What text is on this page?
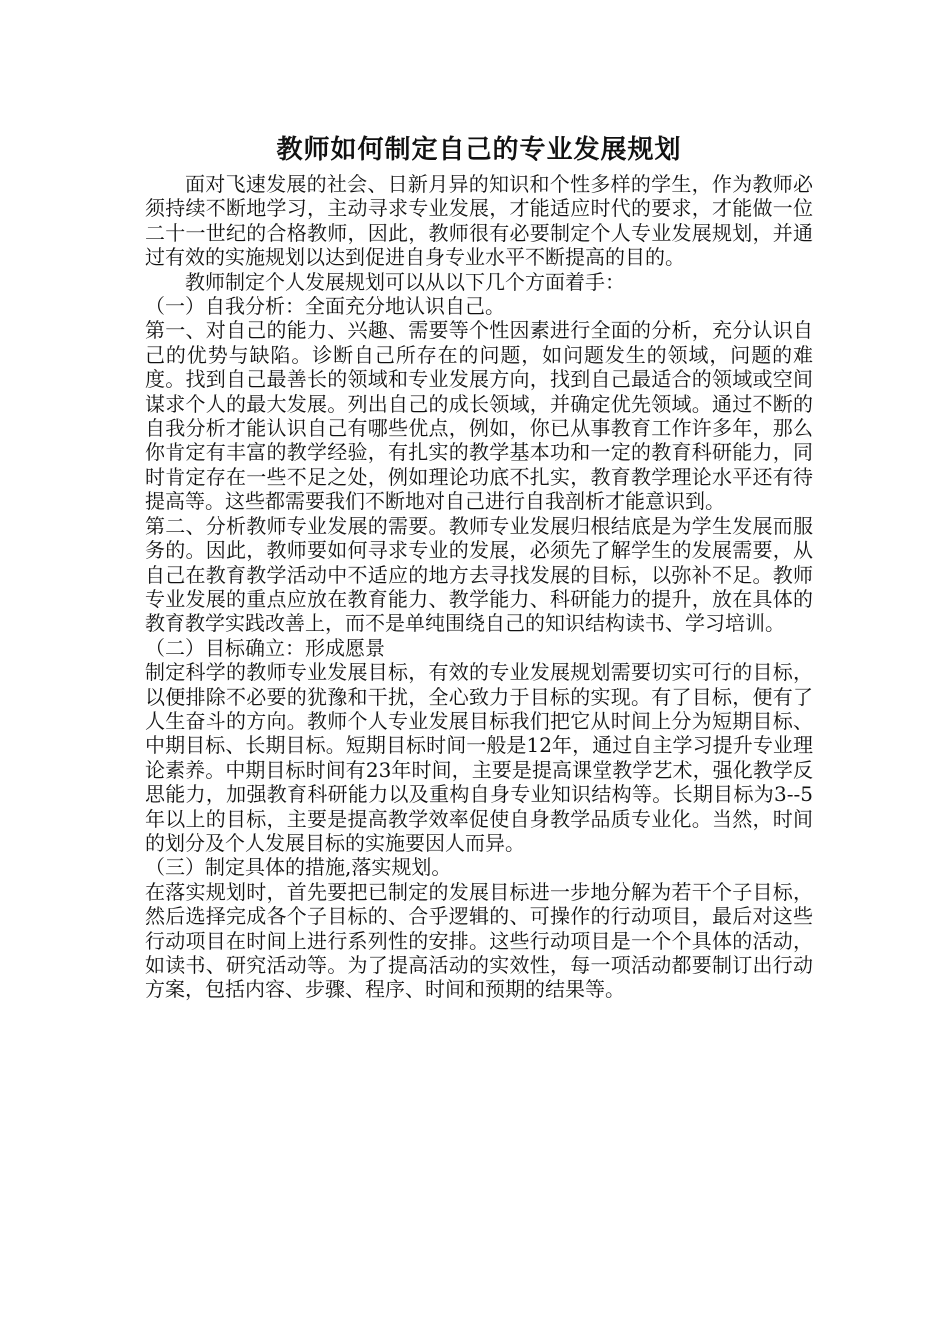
教师如何制定自己的专业发展规划

面对飞速发展的社会、日新月异的知识和个性多样的学生，作为教师必须持续不断地学习，主动寻求专业发展，才能适应时代的要求，才能做一位二十一世纪的合格教师，因此，教师很有必要制定个人专业发展规划，并通过有效的实施规划以达到促进自身专业水平不断提高的目的。

教师制定个人发展规划可以从以下几个方面着手：

（一）自我分析：全面充分地认识自己。

第一、对自己的能力、兴趣、需要等个性因素进行全面的分析，充分认识自己的优势与缺陷。诊断自己所存在的问题，如问题发生的领域，问题的难度。找到自己最善长的领域和专业发展方向，找到自己最适合的领域或空间谋求个人的最大发展。列出自己的成长领域，并确定优先领域。通过不断的自我分析才能认识自己有哪些优点，例如，你已从事教育工作许多年，那么你肯定有丰富的教学经验，有扎实的教学基本功和一定的教育科研能力，同时肯定存在一些不足之处，例如理论功底不扎实，教育教学理论水平还有待提高等。这些都需要我们不断地对自己进行自我剖析才能意识到。

第二、分析教师专业发展的需要。教师专业发展归根结底是为学生发展而服务的。因此，教师要如何寻求专业的发展，必须先了解学生的发展需要，从自己在教育教学活动中不适应的地方去寻找发展的目标，以弥补不足。教师专业发展的重点应放在教育能力、教学能力、科研能力的提升，放在具体的教育教学实践改善上，而不是单纯围绕自己的知识结构读书、学习培训。

（二）目标确立：形成愿景

制定科学的教师专业发展目标，有效的专业发展规划需要切实可行的目标，以便排除不必要的犹豫和干扰，全心致力于目标的实现。有了目标，便有了人生奋斗的方向。教师个人专业发展目标我们把它从时间上分为短期目标、中期目标、长期目标。短期目标时间一般是12年，通过自主学习提升专业理论素养。中期目标时间有23年时间，主要是提高课堂教学艺术，强化教学反思能力，加强教育科研能力以及重构自身专业知识结构等。长期目标为3--5年以上的目标，主要是提高教学效率促使自身教学品质专业化。当然，时间的划分及个人发展目标的实施要因人而异。

（三）制定具体的措施,落实规划。

在落实规划时，首先要把已制定的发展目标进一步地分解为若干个子目标，然后选择完成各个子目标的、合乎逻辑的、可操作的行动项目，最后对这些行动项目在时间上进行系列性的安排。这些行动项目是一个个具体的活动，如读书、研究活动等。为了提高活动的实效性，每一项活动都要制订出行动方案，包括内容、步骤、程序、时间和预期的结果等。
